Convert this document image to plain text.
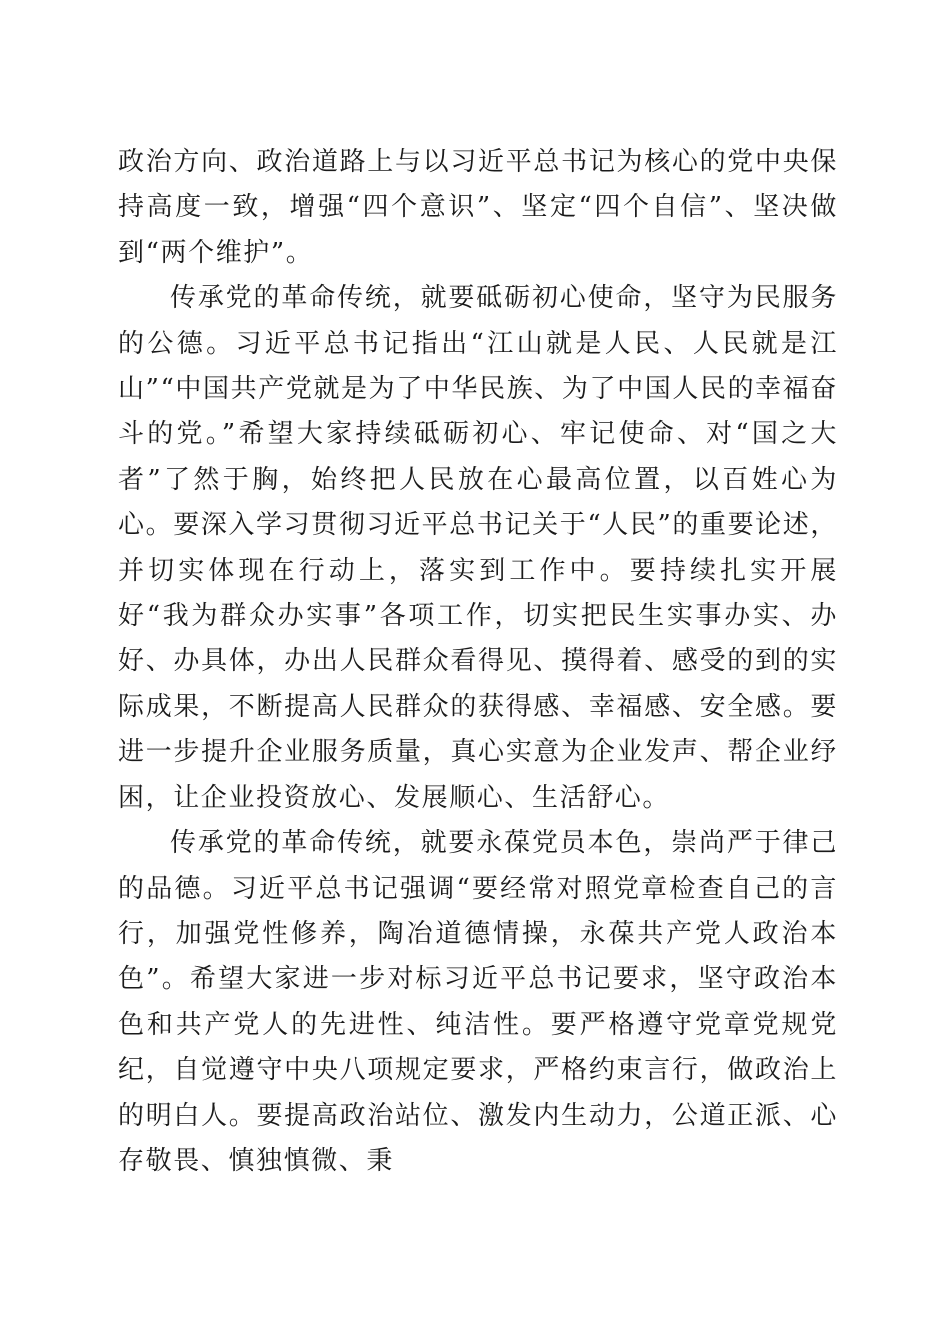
政治方向、政治道路上与以习近平总书记为核心的党中央保持高度一致，增强“四个意识”、坚定“四个自信”、坚决做到“两个维护”。

传承党的革命传统，就要砥砺初心使命，坚守为民服务的公德。习近平总书记指出“江山就是人民、人民就是江山”“中国共产党就是为了中华民族、为了中国人民的幸福奋斗的党。”希望大家持续砥砺初心、牢记使命、对“国之大者”了然于胸，始终把人民放在心最高位置，以百姓心为心。要深入学习贯彻习近平总书记关于“人民”的重要论述，并切实体现在行动上，落实到工作中。要持续扎实开展好“我为群众办实事”各项工作，切实把民生实事办实、办好、办具体，办出人民群众看得见、摸得着、感受的到的实际成果，不断提高人民群众的获得感、幸福感、安全感。要进一步提升企业服务质量，真心实意为企业发声、帮企业纾困，让企业投资放心、发展顺心、生活舒心。

传承党的革命传统，就要永葆党员本色，崇尚严于律己的品德。习近平总书记强调“要经常对照党章检查自己的言行，加强党性修养，陶冶道德情操，永葆共产党人政治本色”。希望大家进一步对标习近平总书记要求，坚守政治本色和共产党人的先进性、纯洁性。要严格遵守党章党规党纪，自觉遵守中央八项规定要求，严格约束言行，做政治上的明白人。要提高政治站位、激发内生动力，公道正派、心存敬畏、慎独慎微、秉
